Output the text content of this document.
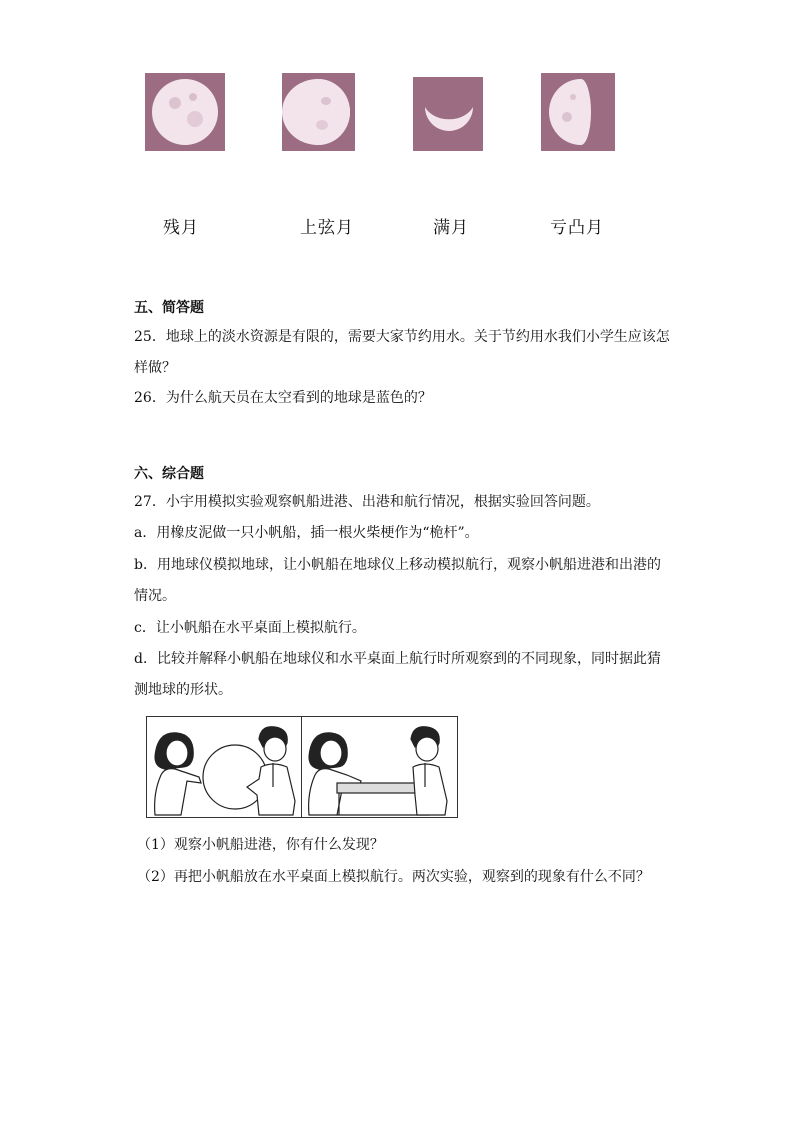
残月	上弦月	满月	亏凸月
五、简答题
25．地球上的淡水资源是有限的，需要大家节约用水。关于节约用水我们小学生应该怎
样做？
26．为什么航天员在太空看到的地球是蓝色的？
六、综合题
27．小宇用模拟实验观察帆船进港、出港和航行情况，根据实验回答问题。
a．用橡皮泥做一只小帆船，插一根火柴梗作为“桅杆”。
b．用地球仪模拟地球，让小帆船在地球仪上移动模拟航行，观察小帆船进港和出港的
情况。
c．让小帆船在水平桌面上模拟航行。
d．比较并解释小帆船在地球仪和水平桌面上航行时所观察到的不同现象，同时据此猜
测地球的形状。
（1）观察小帆船进港，你有什么发现？
（2）再把小帆船放在水平桌面上模拟航行。两次实验，观察到的现象有什么不同？
